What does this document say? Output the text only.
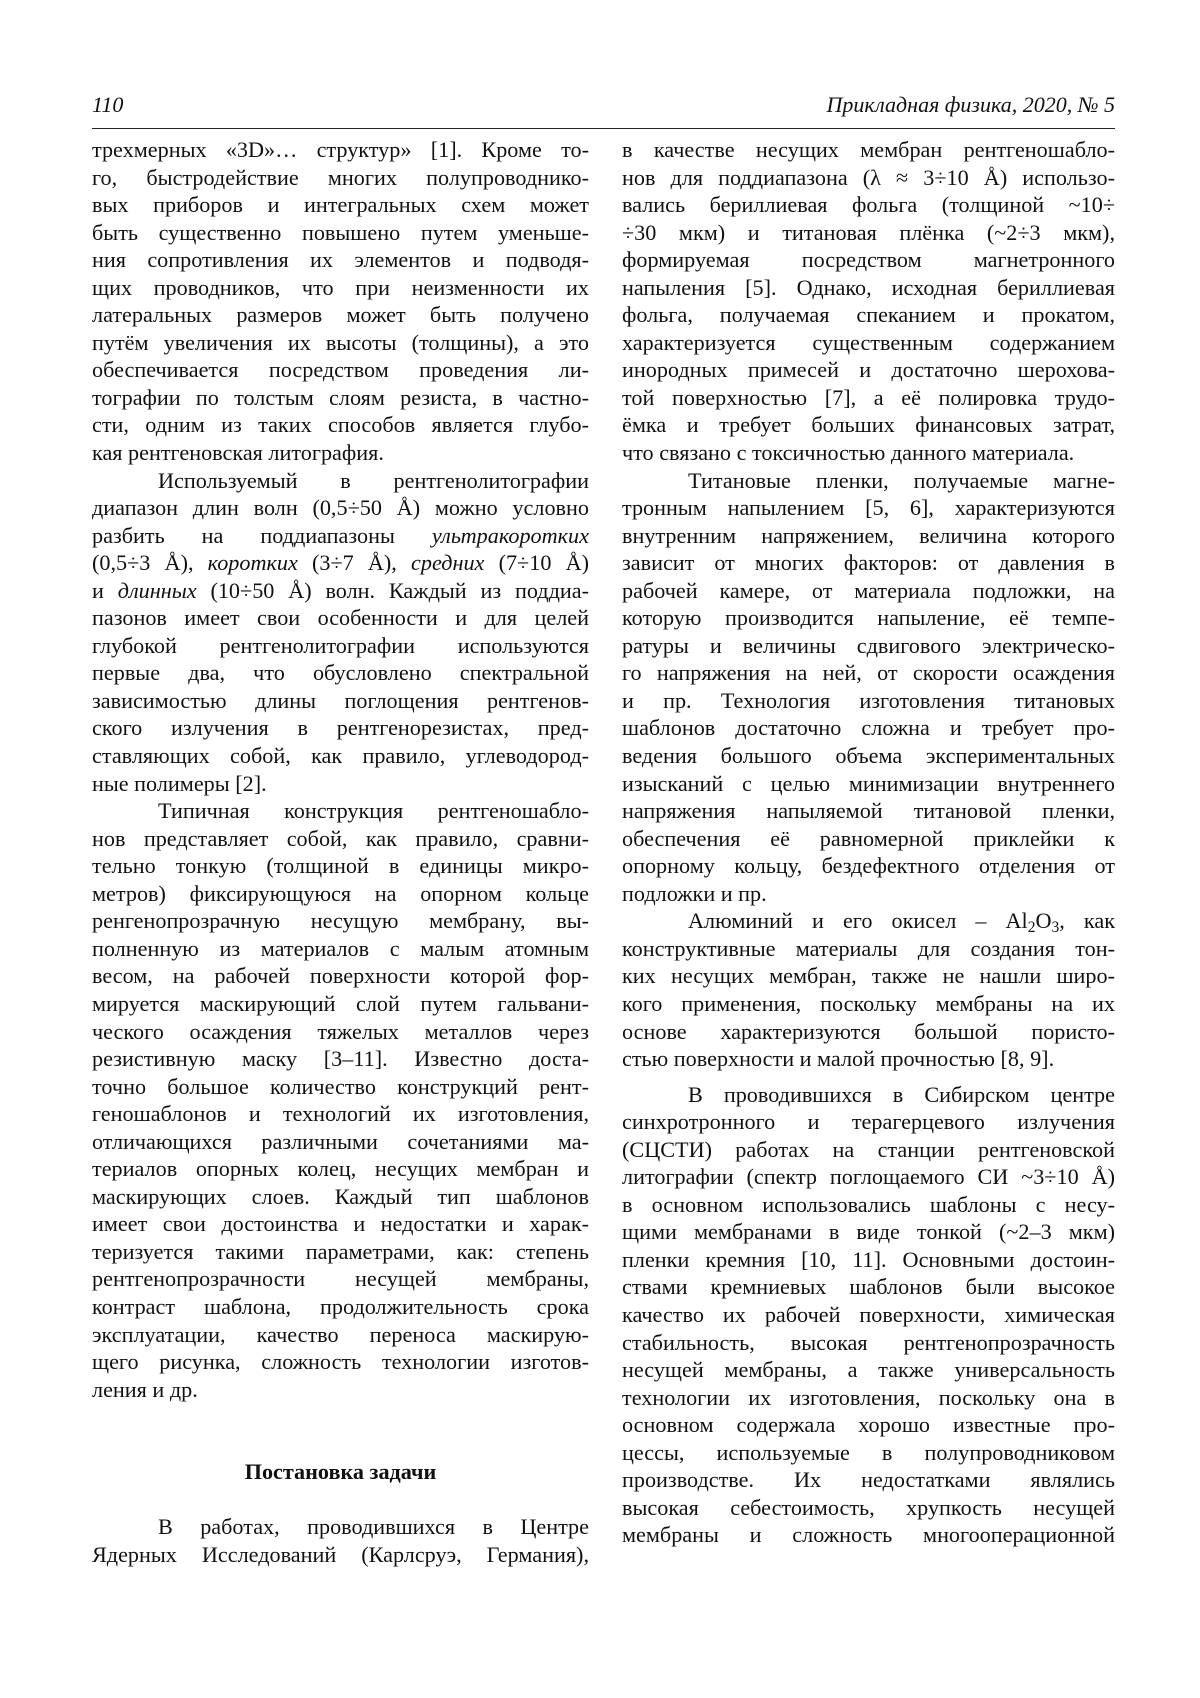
110	Прикладная физика, 2020, № 5
трехмерных «3D»… структур» [1]. Кроме то-
го, быстродействие многих полупроводнико-
вых приборов и интегральных схем может
быть существенно повышено путем уменьше-
ния сопротивления их элементов и подводя-
щих проводников, что при неизменности их
латеральных размеров может быть получено
путём увеличения их высоты (толщины), а это
обеспечивается посредством проведения ли-
тографии по толстым слоям резиста, в частно-
сти, одним из таких способов является глубо-
кая рентгеновская литография.
Используемый в рентгенолитографии
диапазон длин волн (0,5÷50 Å) можно условно
разбить на поддиапазоны ультракоротких
(0,5÷3 Å), коротких (3÷7 Å), средних (7÷10 Å)
и длинных (10÷50 Å) волн. Каждый из поддиа-
пазонов имеет свои особенности и для целей
глубокой рентгенолитографии используются
первые два, что обусловлено спектральной
зависимостью длины поглощения рентгенов-
ского излучения в рентгенорезистах, пред-
ставляющих собой, как правило, углеводород-
ные полимеры [2].
Типичная конструкция рентгеношабло-
нов представляет собой, как правило, сравни-
тельно тонкую (толщиной в единицы микро-
метров) фиксирующуюся на опорном кольце
ренгенопрозрачную несущую мембрану, вы-
полненную из материалов с малым атомным
весом, на рабочей поверхности которой фор-
мируется маскирующий слой путем гальвани-
ческого осаждения тяжелых металлов через
резистивную маску [3–11]. Известно доста-
точно большое количество конструкций рент-
геношаблонов и технологий их изготовления,
отличающихся различными сочетаниями ма-
териалов опорных колец, несущих мембран и
маскирующих слоев. Каждый тип шаблонов
имеет свои достоинства и недостатки и харак-
теризуется такими параметрами, как: степень
рентгенопрозрачности несущей мембраны,
контраст шаблона, продолжительность срока
эксплуатации, качество переноса маскирую-
щего рисунка, сложность технологии изготов-
ления и др.
Постановка задачи
В работах, проводившихся в Центре
Ядерных Исследований (Карлсруэ, Германия),
в качестве несущих мембран рентгеношабло-
нов для поддиапазона (λ ≈ 3÷10 Å) использо-
вались бериллиевая фольга (толщиной ~10÷
÷30 мкм) и титановая плёнка (~2÷3 мкм),
формируемая посредством магнетронного
напыления [5]. Однако, исходная бериллиевая
фольга, получаемая спеканием и прокатом,
характеризуется существенным содержанием
инородных примесей и достаточно шерохова-
той поверхностью [7], а её полировка трудо-
ёмка и требует больших финансовых затрат,
что связано с токсичностью данного материала.
Титановые пленки, получаемые магне-
тронным напылением [5, 6], характеризуются
внутренним напряжением, величина которого
зависит от многих факторов: от давления в
рабочей камере, от материала подложки, на
которую производится напыление, её темпе-
ратуры и величины сдвигового электрическо-
го напряжения на ней, от скорости осаждения
и пр. Технология изготовления титановых
шаблонов достаточно сложна и требует про-
ведения большого объема экспериментальных
изысканий с целью минимизации внутреннего
напряжения напыляемой титановой пленки,
обеспечения её равномерной приклейки к
опорному кольцу, бездефектного отделения от
подложки и пр.
Алюминий и его окисел – $Al_2O_3$, как
конструктивные материалы для создания тон-
ких несущих мембран, также не нашли широ-
кого применения, поскольку мембраны на их
основе характеризуются большой пористо-
стью поверхности и малой прочностью [8, 9].
В проводившихся в Сибирском центре
синхротронного и терагерцевого излучения
(СЦСТИ) работах на станции рентгеновской
литографии (спектр поглощаемого СИ ~3÷10 Å)
в основном использовались шаблоны с несу-
щими мембранами в виде тонкой (~2–3 мкм)
пленки кремния [10, 11]. Основными достоин-
ствами кремниевых шаблонов были высокое
качество их рабочей поверхности, химическая
стабильность, высокая рентгенопрозрачность
несущей мембраны, а также универсальность
технологии их изготовления, поскольку она в
основном содержала хорошо известные про-
цессы, используемые в полупроводниковом
производстве. Их недостатками являлись
высокая себестоимость, хрупкость несущей
мембраны и сложность многооперационной
